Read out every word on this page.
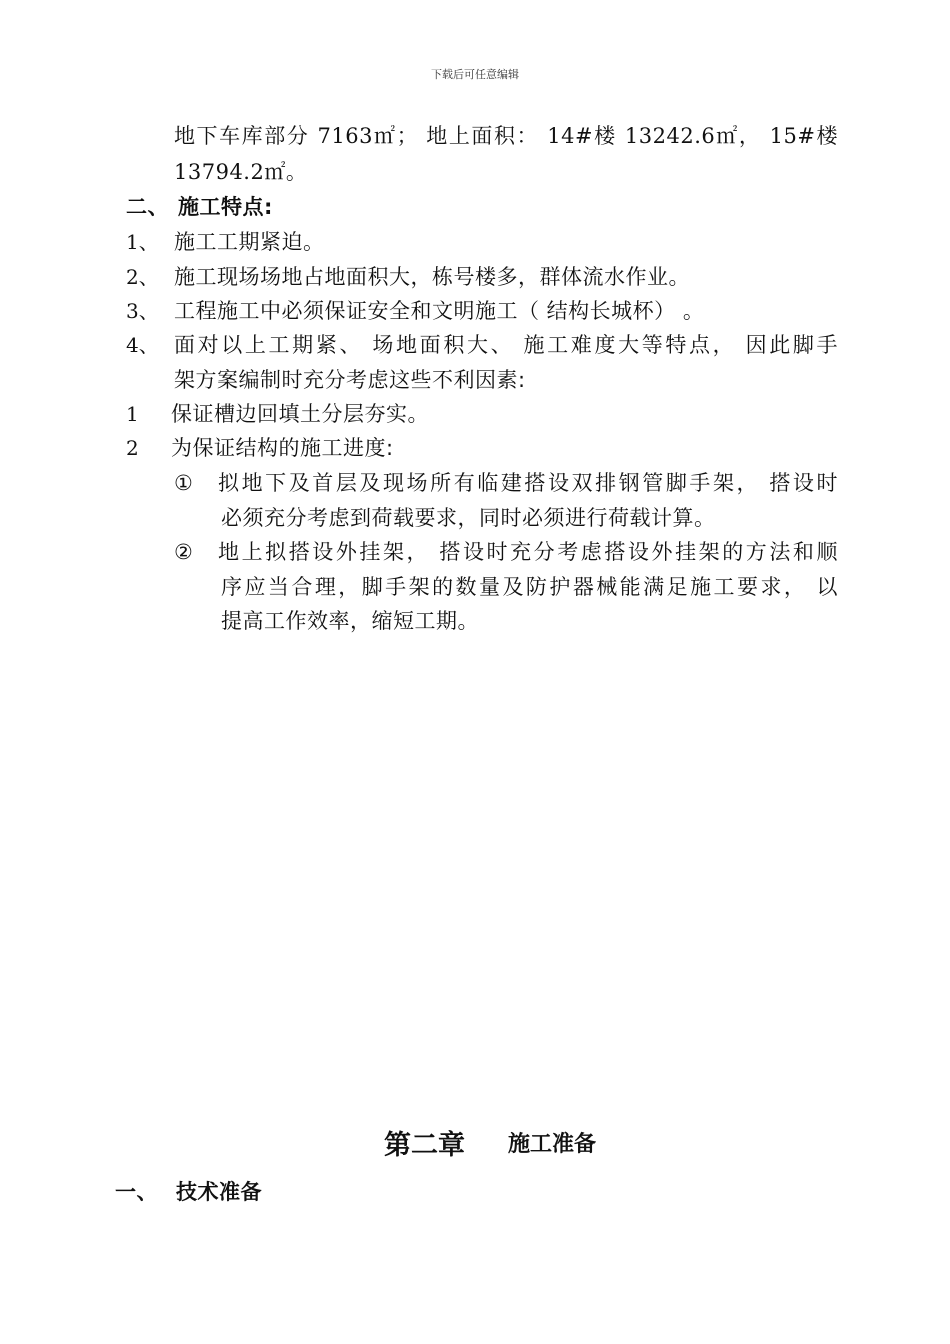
下载后可任意编辑
地下车库部分 7163㎡； 地上面积： 14#楼 13242.6㎡， 15#楼
13794.2㎡。
二、 施工特点:
1、 施工工期紧迫。
2、 施工现场场地占地面积大，栋号楼多，群体流水作业。
3、 工程施工中必须保证安全和文明施工（ 结构长城杯） 。
4、 面对以上工期紧、 场地面积大、 施工难度大等特点， 因此脚手
架方案编制时充分考虑这些不利因素:
1 保证槽边回填土分层夯实。
2 为保证结构的施工进度:
① 拟地下及首层及现场所有临建搭设双排钢管脚手架， 搭设时
必须充分考虑到荷载要求，同时必须进行荷载计算。
② 地上拟搭设外挂架， 搭设时充分考虑搭设外挂架的方法和顺
序应当合理，脚手架的数量及防护器械能满足施工要求， 以
提高工作效率，缩短工期。
第二章 施工准备
一、 技术准备
